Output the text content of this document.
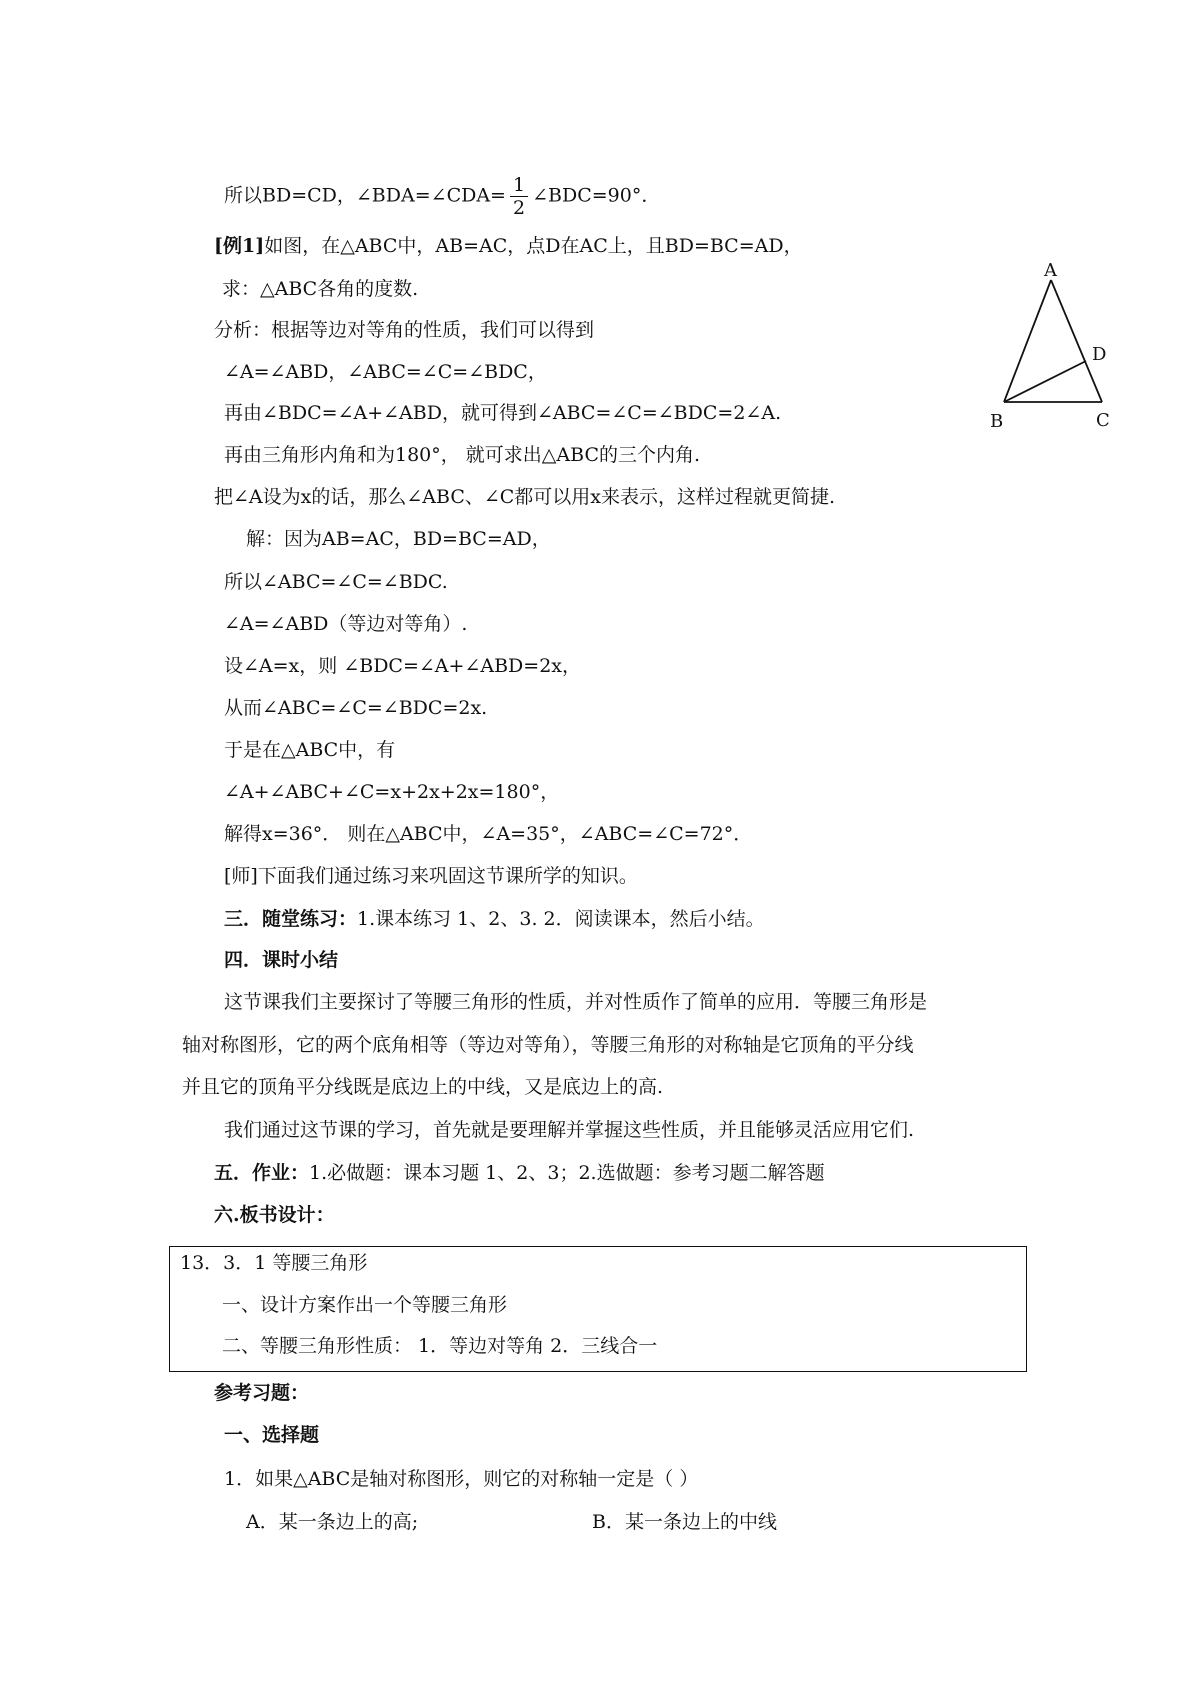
所以BD=CD，∠BDA=∠CDA= $\frac{1}{2}$ ∠BDC=90°．
[例1]如图，在△ABC中，AB=AC，点D在AC上，且BD=BC=AD，
求：△ABC各角的度数.
分析：根据等边对等角的性质，我们可以得到
∠A=∠ABD，∠ABC=∠C=∠BDC，
再由∠BDC=∠A+∠ABD，就可得到∠ABC=∠C=∠BDC=2∠A.
再由三角形内角和为180°， 就可求出△ABC的三个内角.
把∠A设为x的话，那么∠ABC、∠C都可以用x来表示，这样过程就更简捷.
解：因为AB=AC，BD=BC=AD，
所以∠ABC=∠C=∠BDC.
∠A=∠ABD（等边对等角）.
设∠A=x，则 ∠BDC=∠A+∠ABD=2x，
从而∠ABC=∠C=∠BDC=2x.
于是在△ABC中，有
∠A+∠ABC+∠C=x+2x+2x=180°，
解得x=36°． 则在△ABC中，∠A=35°，∠ABC=∠C=72°．
[师]下面我们通过练习来巩固这节课所学的知识。
三．随堂练习：1.课本练习 1、2、3. 2．阅读课本，然后小结。
四．课时小结
这节课我们主要探讨了等腰三角形的性质，并对性质作了简单的应用．等腰三角形是
轴对称图形，它的两个底角相等（等边对等角），等腰三角形的对称轴是它顶角的平分线
并且它的顶角平分线既是底边上的中线，又是底边上的高.
我们通过这节课的学习，首先就是要理解并掌握这些性质，并且能够灵活应用它们.
五．作业：1.必做题：课本习题 1、2、3；2.选做题：参考习题二解答题
六.板书设计：
13．3．1 等腰三角形
一、设计方案作出一个等腰三角形
二、等腰三角形性质： 1．等边对等角 2．三线合一
参考习题：
一、选择题
1．如果△ABC是轴对称图形，则它的对称轴一定是（ ）
A．某一条边上的高;	B．某一条边上的中线
A
D
B	C
